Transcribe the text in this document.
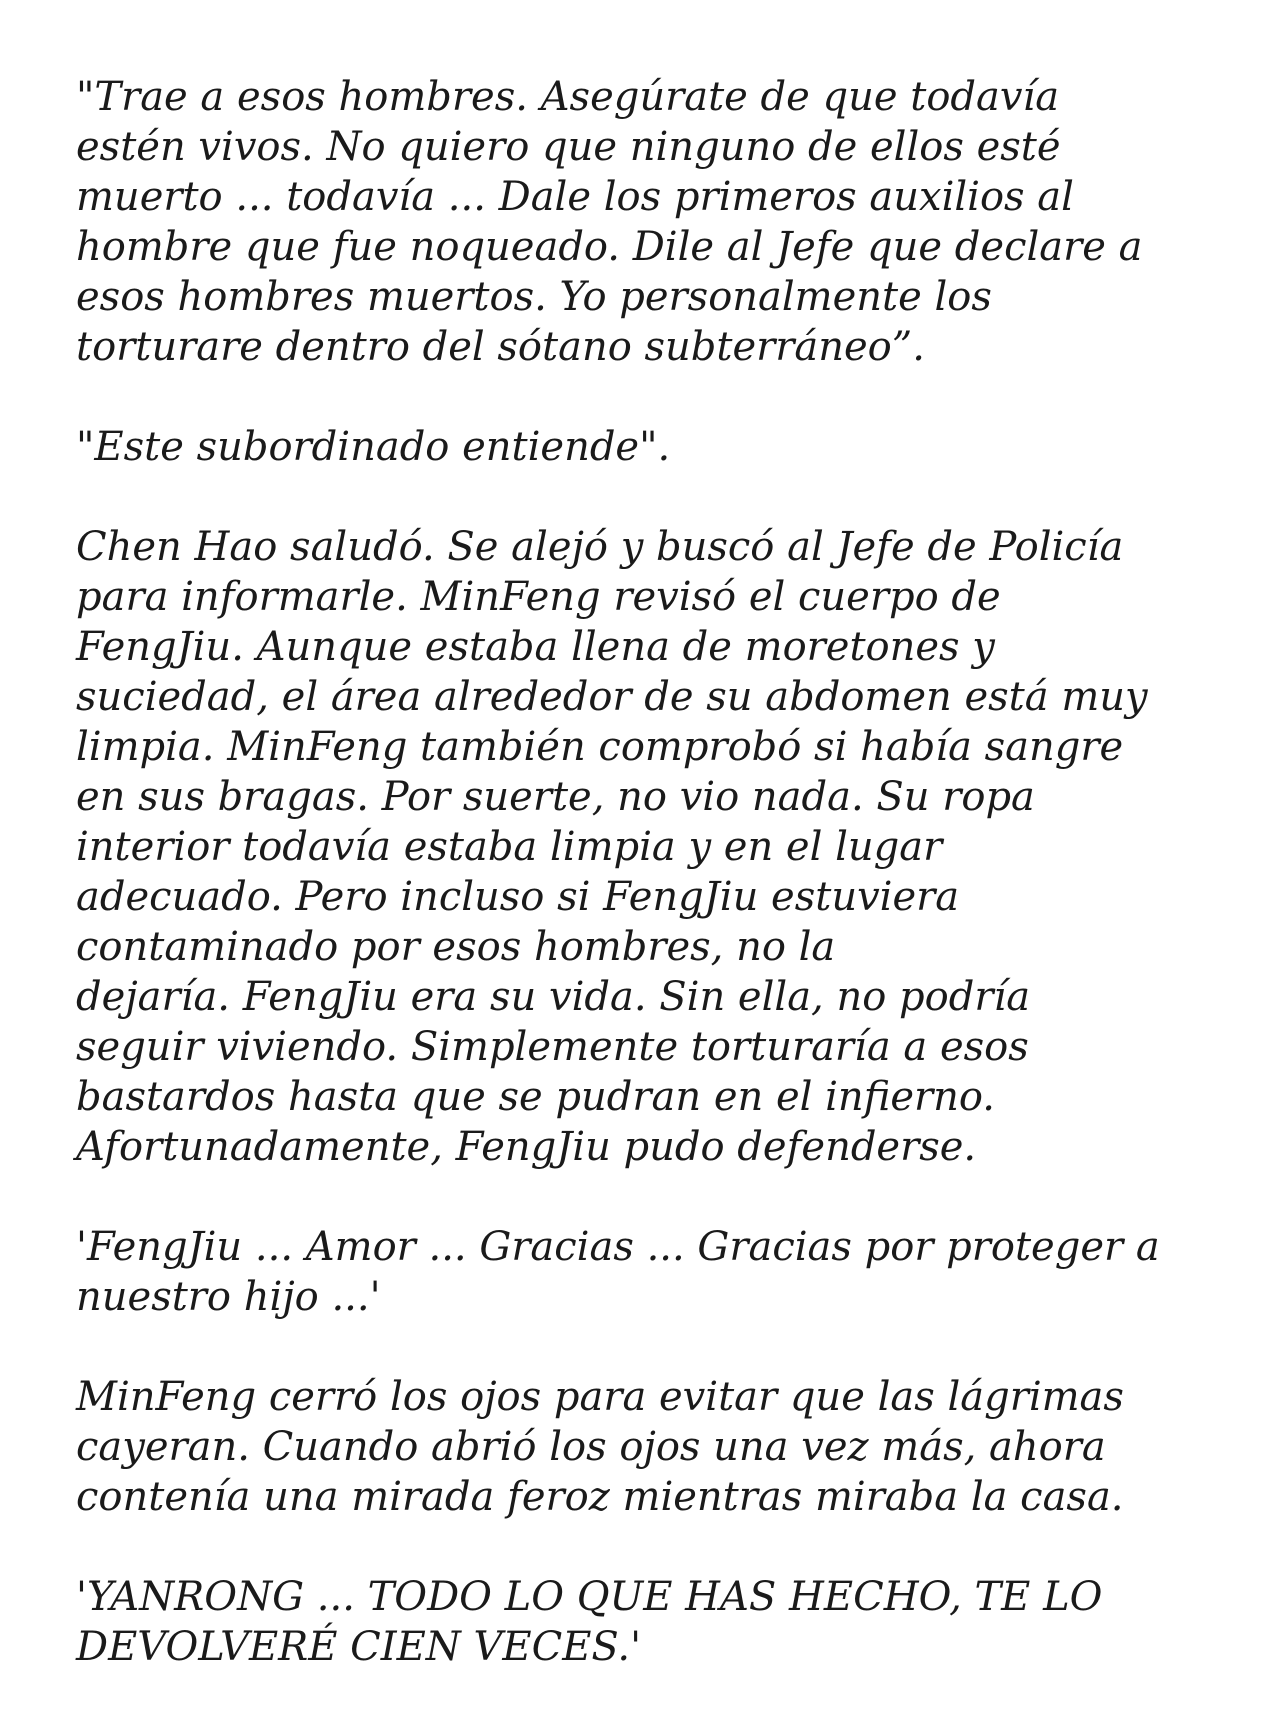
"Trae a esos hombres. Asegúrate de que todavía
estén vivos. No quiero que ninguno de ellos esté
muerto ... todavía ... Dale los primeros auxilios al
hombre que fue noqueado. Dile al Jefe que declare a
esos hombres muertos. Yo personalmente los
torturare dentro del sótano subterráneo”.

"Este subordinado entiende".

Chen Hao saludó. Se alejó y buscó al Jefe de Policía
para informarle. MinFeng revisó el cuerpo de
FengJiu. Aunque estaba llena de moretones y
suciedad, el área alrededor de su abdomen está muy
limpia. MinFeng también comprobó si había sangre
en sus bragas. Por suerte, no vio nada. Su ropa
interior todavía estaba limpia y en el lugar
adecuado. Pero incluso si FengJiu estuviera
contaminado por esos hombres, no la
dejaría. FengJiu era su vida. Sin ella, no podría
seguir viviendo. Simplemente torturaría a esos
bastardos hasta que se pudran en el infierno.
Afortunadamente, FengJiu pudo defenderse.

'FengJiu ... Amor ... Gracias ... Gracias por proteger a
nuestro hijo ...'

MinFeng cerró los ojos para evitar que las lágrimas
cayeran. Cuando abrió los ojos una vez más, ahora
contenía una mirada feroz mientras miraba la casa.

'YANRONG ... TODO LO QUE HAS HECHO, TE LO
DEVOLVERÉ CIEN VECES.'
